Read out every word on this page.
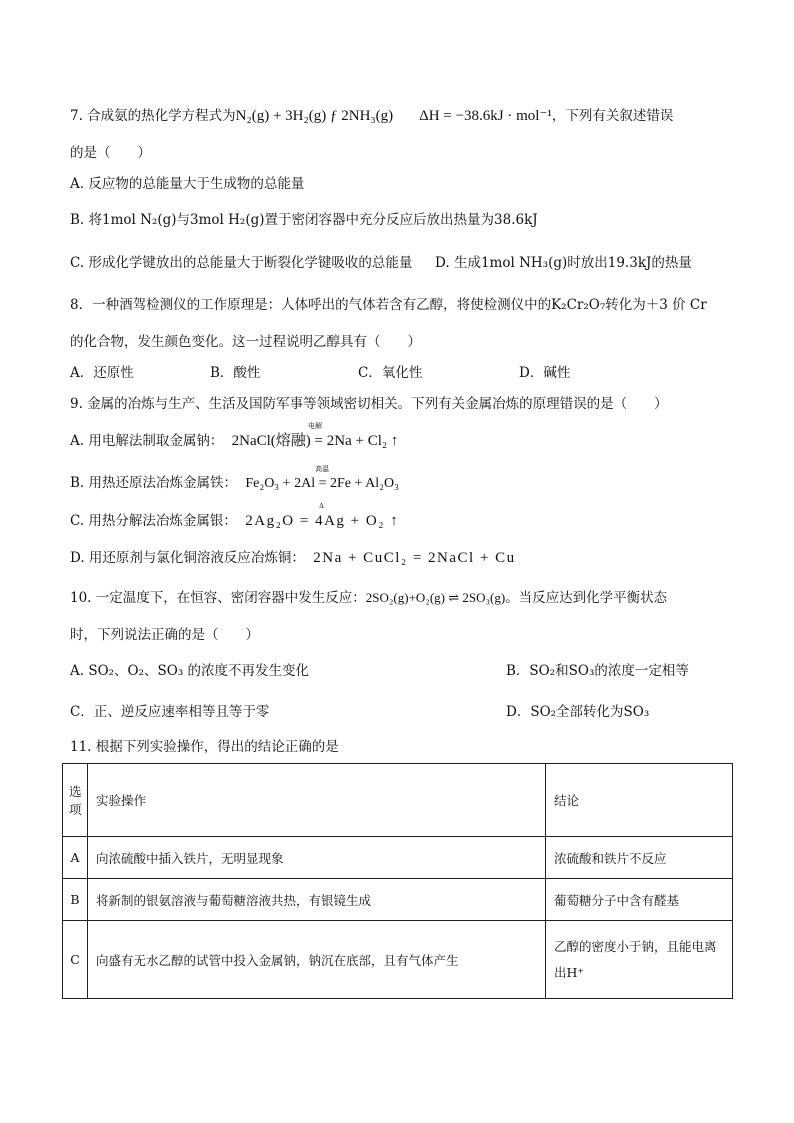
7. 合成氨的热化学方程式为N₂(g) + 3H₂(g) ƒ 2NH₃(g) ΔH = −38.6kJ · mol⁻¹，下列有关叙述错误
的是（　　）
A. 反应物的总能量大于生成物的总能量
B. 将1mol N₂(g)与3mol H₂(g)置于密闭容器中充分反应后放出热量为38.6kJ
C. 形成化学键放出的总能量大于断裂化学键吸收的总能量 D. 生成1mol NH₃(g)时放出19.3kJ的热量
8．一种酒驾检测仪的工作原理是：人体呼出的气体若含有乙醇，将使检测仪中的K₂Cr₂O₇转化为＋3 价 Cr
的化合物，发生颜色变化。这一过程说明乙醇具有（　　）
A．还原性	B．酸性	C．氧化性	D．碱性
9. 金属的冶炼与生产、生活及国防军事等领域密切相关。下列有关金属冶炼的原理错误的是（　　）
A. 用电解法制取金属钠：
电解
2NaCl(熔融) = 2Na + Cl₂ ↑
B. 用热还原法冶炼金属铁：
高温
Fe₂O₃ + 2Al = 2Fe + Al₂O₃
C. 用热分解法冶炼金属银：
Δ
2Ag₂O = 4Ag + O₂ ↑
D. 用还原剂与氯化铜溶液反应冶炼铜： 2Na + CuCl₂ = 2NaCl + Cu
10. 一定温度下，在恒容、密闭容器中发生反应：2SO₂(g)+O₂(g) ⇌ 2SO₃(g)。当反应达到化学平衡状态
时，下列说法正确的是（　　）
A. SO₂、O₂、SO₃ 的浓度不再发生变化	B．SO₂和SO₃的浓度一定相等
C．正、逆反应速率相等且等于零	D．SO₂全部转化为SO₃
11. 根据下列实验操作，得出的结论正确的是
选项	实验操作	结论
A	向浓硫酸中插入铁片，无明显现象	浓硫酸和铁片不反应
B	将新制的银氨溶液与葡萄糖溶液共热，有银镜生成	葡萄糖分子中含有醛基
C	向盛有无水乙醇的试管中投入金属钠，钠沉在底部，且有气体产生	乙醇的密度小于钠，且能电离出H⁺
